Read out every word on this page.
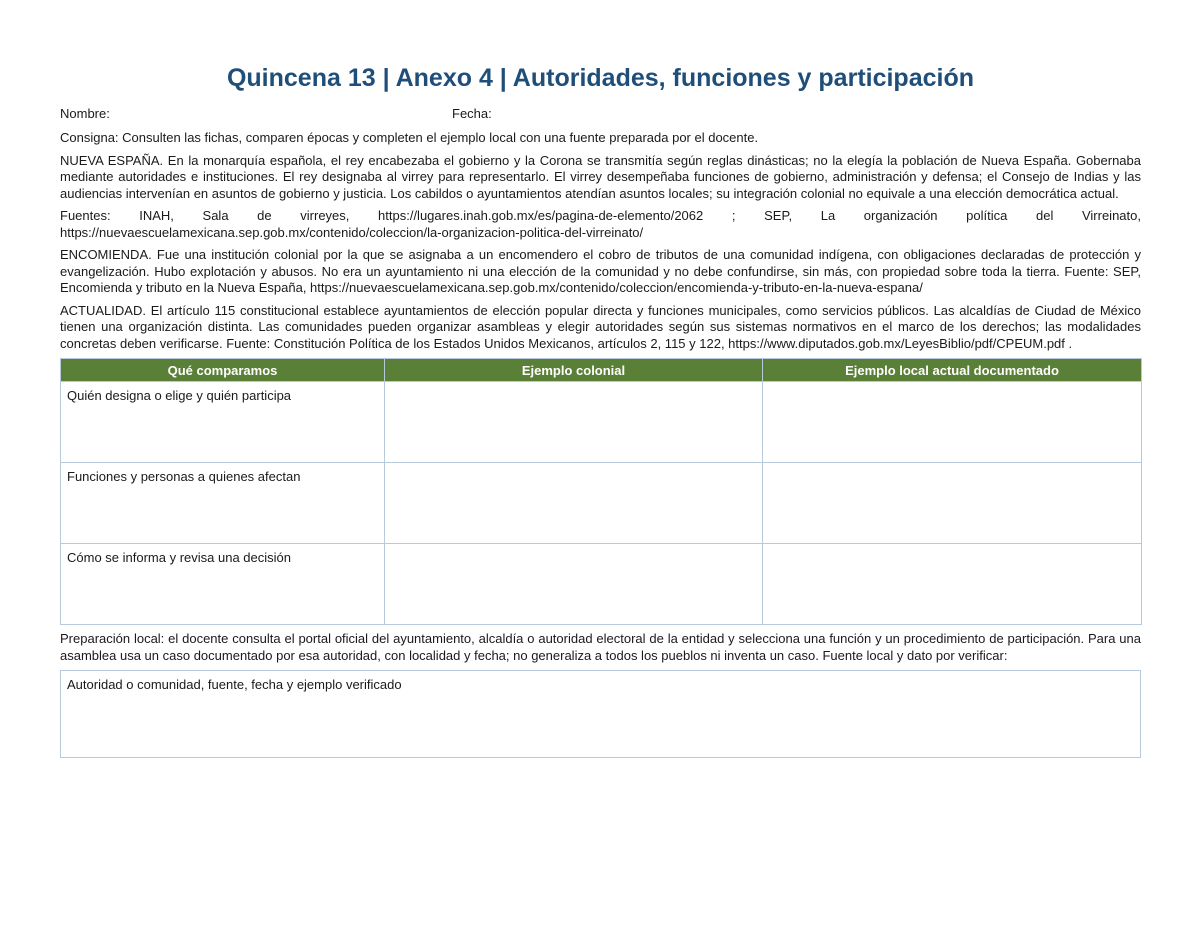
Quincena 13 | Anexo 4 | Autoridades, funciones y participación
Nombre:	Fecha:

Consigna: Consulten las fichas, comparen épocas y completen el ejemplo local con una fuente preparada por el docente.

NUEVA ESPAÑA. En la monarquía española, el rey encabezaba el gobierno y la Corona se transmitía según reglas dinásticas; no la elegía la población de Nueva España. Gobernaba mediante autoridades e instituciones. El rey designaba al virrey para representarlo. El virrey desempeñaba funciones de gobierno, administración y defensa; el Consejo de Indias y las audiencias intervenían en asuntos de gobierno y justicia. Los cabildos o ayuntamientos atendían asuntos locales; su integración colonial no equivale a una elección democrática actual.

Fuentes: INAH, Sala de virreyes, https://lugares.inah.gob.mx/es/pagina-de-elemento/2062 ; SEP, La organización política del Virreinato, https://nuevaescuelamexicana.sep.gob.mx/contenido/coleccion/la-organizacion-politica-del-virreinato/

ENCOMIENDA. Fue una institución colonial por la que se asignaba a un encomendero el cobro de tributos de una comunidad indígena, con obligaciones declaradas de protección y evangelización. Hubo explotación y abusos. No era un ayuntamiento ni una elección de la comunidad y no debe confundirse, sin más, con propiedad sobre toda la tierra. Fuente: SEP, Encomienda y tributo en la Nueva España, https://nuevaescuelamexicana.sep.gob.mx/contenido/coleccion/encomienda-y-tributo-en-la-nueva-espana/

ACTUALIDAD. El artículo 115 constitucional establece ayuntamientos de elección popular directa y funciones municipales, como servicios públicos. Las alcaldías de Ciudad de México tienen una organización distinta. Las comunidades pueden organizar asambleas y elegir autoridades según sus sistemas normativos en el marco de los derechos; las modalidades concretas deben verificarse. Fuente: Constitución Política de los Estados Unidos Mexicanos, artículos 2, 115 y 122, https://www.diputados.gob.mx/LeyesBiblio/pdf/CPEUM.pdf .

Qué comparamos	Ejemplo colonial	Ejemplo local actual documentado
Quién designa o elige y quién participa		
Funciones y personas a quienes afectan		
Cómo se informa y revisa una decisión		

Preparación local: el docente consulta el portal oficial del ayuntamiento, alcaldía o autoridad electoral de la entidad y selecciona una función y un procedimiento de participación. Para una asamblea usa un caso documentado por esa autoridad, con localidad y fecha; no generaliza a todos los pueblos ni inventa un caso. Fuente local y dato por verificar:

Autoridad o comunidad, fuente, fecha y ejemplo verificado
